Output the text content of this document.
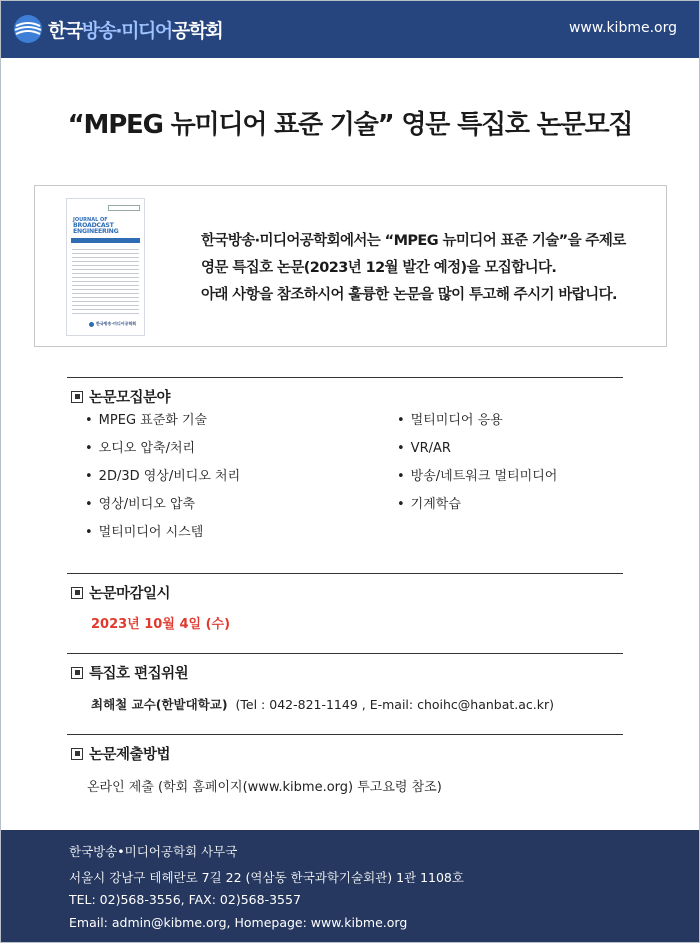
한국방송·미디어공학회	www.kibme.org
“MPEG 뉴미디어 표준 기술” 영문 특집호 논문모집
JOURNAL OF
BROADCAST ENGINEERING
한국방송·미디어공학회
한국방송·미디어공학회에서는 “MPEG 뉴미디어 표준 기술”을 주제로
영문 특집호 논문(2023년 12월 발간 예정)을 모집합니다.
아래 사항을 참조하시어 훌륭한 논문을 많이 투고해 주시기 바랍니다.
논문모집분야
• MPEG 표준화 기술
• 오디오 압축/처리
• 2D/3D 영상/비디오 처리
• 영상/비디오 압축
• 멀티미디어 시스템
• 멀티미디어 응용
• VR/AR
• 방송/네트워크 멀티미디어
• 기계학습
논문마감일시
2023년 10월 4일 (수)
특집호 편집위원
최해철 교수(한밭대학교) (Tel : 042-821-1149 , E-mail: choihc@hanbat.ac.kr)
논문제출방법
온라인 제출 (학회 홈페이지(www.kibme.org) 투고요령 참조)
한국방송•미디어공학회 사무국
서울시 강남구 테헤란로 7길 22 (역삼동 한국과학기술회관) 1관 1108호
TEL: 02)568-3556, FAX: 02)568-3557
Email: admin@kibme.org, Homepage: www.kibme.org
